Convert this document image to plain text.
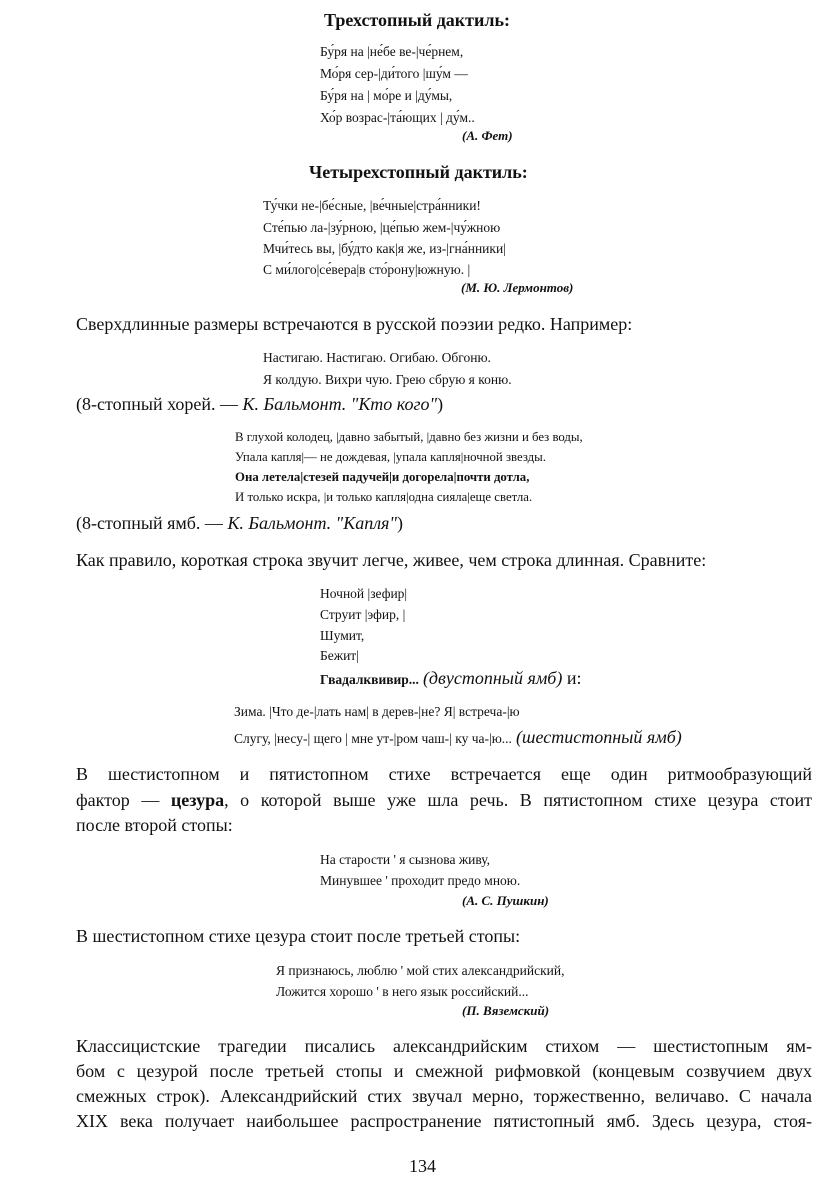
Трехстопный дактиль:
Бу́ря на |не́бе ве-|че́рнем,
Мо́ря сер-|ди́того |шу́м —
Бу́ря на | мо́ре и |ду́мы,
Хо́р возрас-|та́ющих | ду́м..
(А. Фет)
Четырехстопный дактиль:
Ту́чки не-|бе́сные, |ве́чные|стра́нники!
Сте́пью ла-|зу́рною, |це́пью жем-|чу́жною
Мчи́тесь вы, |бу́дто как|я же, из-|гна́нники|
С ми́лого|се́вера|в сто́рону|южную. |
(М. Ю. Лермонтов)
Сверхдлинные размеры встречаются в русской поэзии редко. Например:
Настигаю. Настигаю. Огибаю. Обгоню.
Я колдую. Вихри чую. Грею сбрую я коню.
(8-стопный хорей. — К. Бальмонт. "Кто кого")
В глухой колодец, |давно забытый, |давно без жизни и без воды,
Упала капля|— не дождевая, |упала капля|ночной звезды.
Она летела|стезей падучей|и догорела|почти дотла,
И только искра, |и только капля|одна сияла|еще светла.
(8-стопный ямб. — К. Бальмонт. "Капля")
Как правило, короткая строка звучит легче, живее, чем строка длинная. Сравните:
Ночной |зефир|
Струит |эфир, |
Шумит,
Бежит|
Гвадалквивир... (двустопный ямб) и:
Зима. |Что де-|лать нам| в дерев-|не? Я| встреча-|ю
Слугу, |несу-| щего | мне ут-|ром чаш-| ку ча-|ю... (шестистопный ямб)
В шестистопном и пятистопном стихе встречается еще один ритмообразующий
фактор — цезура, о которой выше уже шла речь. В пятистопном стихе цезура стоит
после второй стопы:
На старости ' я сызнова живу,
Минувшее ' проходит предо мною.
(А. С. Пушкин)
В шестистопном стихе цезура стоит после третьей стопы:
Я признаюсь, люблю ' мой стих александрийский,
Ложится хорошо ' в него язык российский...
(П. Вяземский)
Классицистские трагедии писались александрийским стихом — шестистопным ям-
бом с цезурой после третьей стопы и смежной рифмовкой (концевым созвучием двух
смежных строк). Александрийский стих звучал мерно, торжественно, величаво. С начала
XIX века получает наибольшее распространение пятистопный ямб. Здесь цезура, стоя-
134
